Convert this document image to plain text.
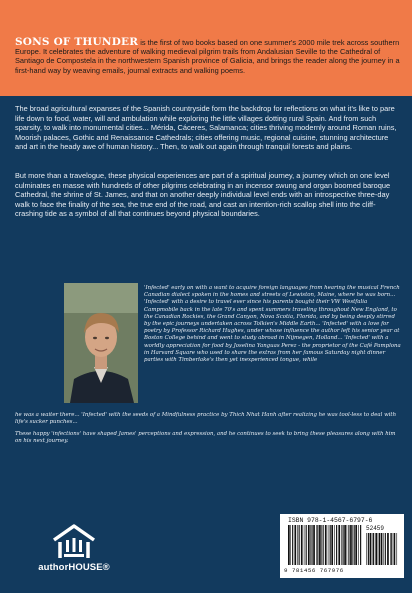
SONS OF THUNDER is the first of two books based on one summer's 2000 mile trek across southern Europe. It celebrates the adventure of walking medieval pilgrim trails from Andalusian Seville to the Cathedral of Santiago de Compostela in the northwestern Spanish province of Galicia, and brings the reader along the journey in a first-hand way by weaving emails, journal extracts and walking poems.
The broad agricultural expanses of the Spanish countryside form the backdrop for reflections on what it's like to pare life down to food, water, will and ambulation while exploring the little villages dotting rural Spain. And from such sparsity, to walk into monumental cities... Mérida, Cáceres, Salamanca; cities thriving modernly around Roman ruins, Moorish palaces, Gothic and Renaissance Cathedrals; cities offering music, regional cuisine, stunning architecture and art in the heady awe of human history... Then, to walk out again through tranquil forests and plains.
But more than a travelogue, these physical experiences are part of a spiritual journey, a journey which on one level culminates en masse with hundreds of other pilgrims celebrating in an incensor swung and organ boomed baroque Cathedral, the shrine of St. James, and that on another deeply individual level ends with an introspective three-day walk to face the finality of the sea, the true end of the road, and cast an intention-rich scallop shell into the cliff-crashing tide as a symbol of all that continues beyond physical boundaries.
'Infected' early on with a want to acquire foreign languages from hearing the musical French Canadian dialect spoken in the homes and streets of Lewiston, Maine, where he was born... 'Infected' with a desire to travel ever since his parents bought their VW Westfalia Campmobile back in the late 70's and spent summers traveling throughout New England, to the Canadian Rockies, the Grand Canyon, Nova Scotia, Florida, and by being deeply stirred by the epic journeys undertaken across Tolkien's Middle Earth... 'Infected' with a love for poetry by Professor Richard Hughes, under whose influence the author left his senior year at Boston College behind and went to study abroad in Nijmegen, Holland... 'Infected' with a worldly appreciation for food by Joselina Yanguas Perez - the proprietor of the Café Pamplona in Harvard Square who used to share the extras from her famous Saturday night dinner parties with Timberlake's then yet inexperienced tongue, while
he was a waiter there... 'Infected' with the seeds of a Mindfulness practice by Thich Nhat Hanh after realizing he was tool-less to deal with life's sucker punches...
These happy 'infections' have shaped James' perceptions and expression, and he continues to seek to bring these pleasures along with him on his next journey.
authorHOUSE®
ISBN 978-1-4567-6797-6
9 781456 767976
52459
